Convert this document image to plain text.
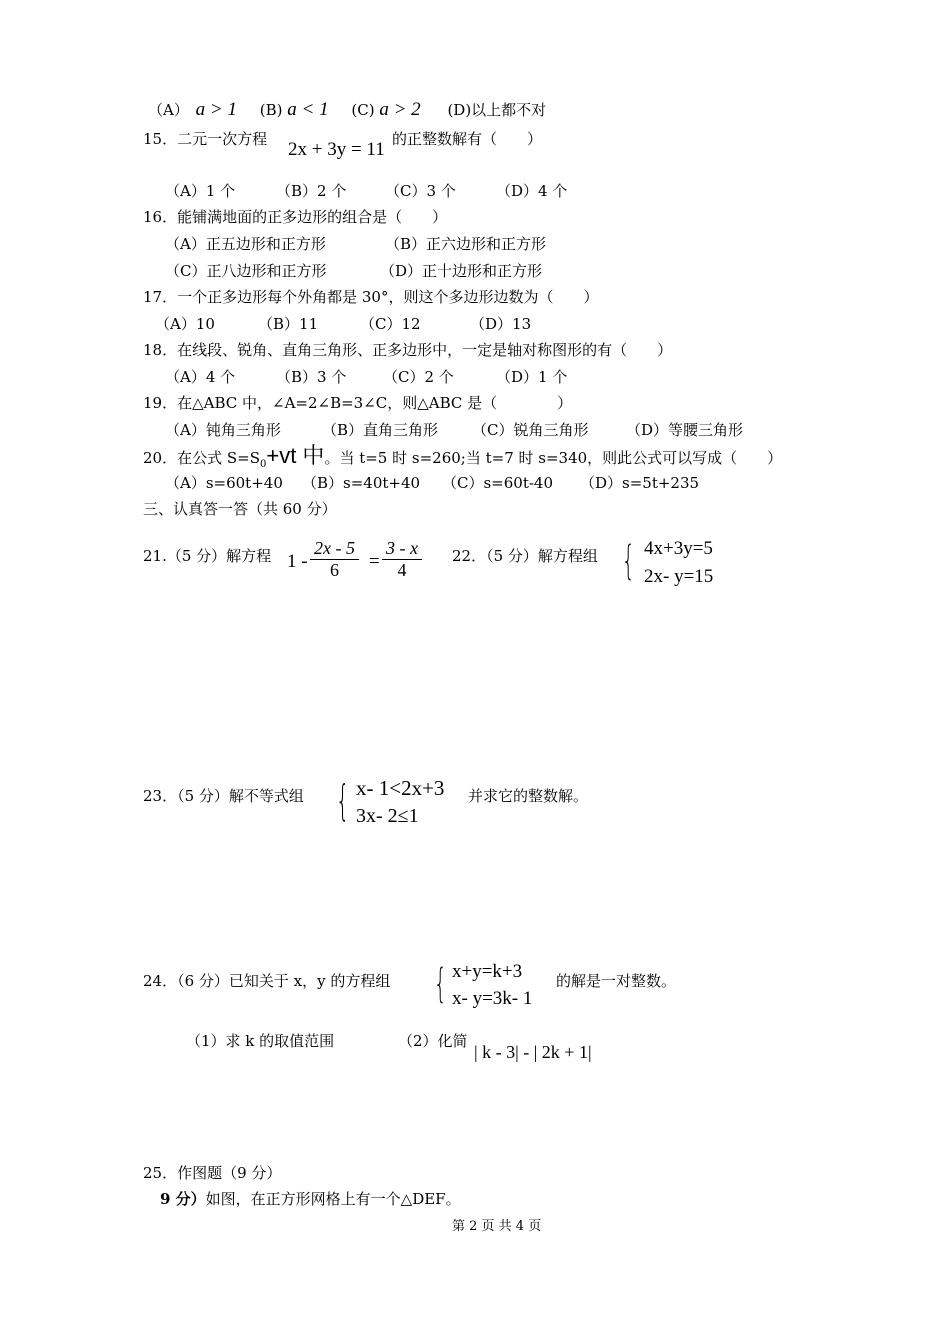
（A） a > 1 (B) a < 1 (C) a > 2 (D)以上都不对
15．二元一次方程 2x + 3y = 11 的正整数解有（　　）
（A）1 个	（B）2 个	（C）3 个	（D）4 个
16．能铺满地面的正多边形的组合是（　　）
（A）正五边形和正方形	（B）正六边形和正方形
（C）正八边形和正方形	（D）正十边形和正方形
17．一个正多边形每个外角都是 30°，则这个多边形边数为（　　）
（A）10	（B）11	（C）12	（D）13
18．在线段、锐角、直角三角形、正多边形中，一定是轴对称图形的有（　　）
（A）4 个	（B）3 个 （C）2 个	（D）1 个
19．在△ABC 中，∠A=2∠B=3∠C，则△ABC 是（　　　　）
（A）钝角三角形	（B）直角三角形 （C）锐角三角形	（D）等腰三角形
20．在公式 $S=S_0+vt$ 中。当 t=5 时 s=260;当 t=7 时 s=340，则此公式可以写成（　　）
（A）s=60t+40 （B）s=40t+40 （C）s=60t-40 （D）s=5t+235
三、认真答一答（共 60 分）
21.（5 分）解方程 1 -
2x - 5
6	=
3 - x
4
22．（5 分）解方程组 { 4x+3y=5
2x- y=15
23．（5 分）解不等式组 { x- 1<2x+3
3x- 2≤1
并求它的整数解。
24．（6 分）已知关于 x，y 的方程组 { x+y=k+3
x- y=3k- 1
的解是一对整数。
（1）求 k 的取值范围	（2）化简
| k - 3| - | 2k + 1|
25．作图题（9 分）
9 分）如图，在正方形网格上有一个△DEF。
第 2 页 共 4 页
